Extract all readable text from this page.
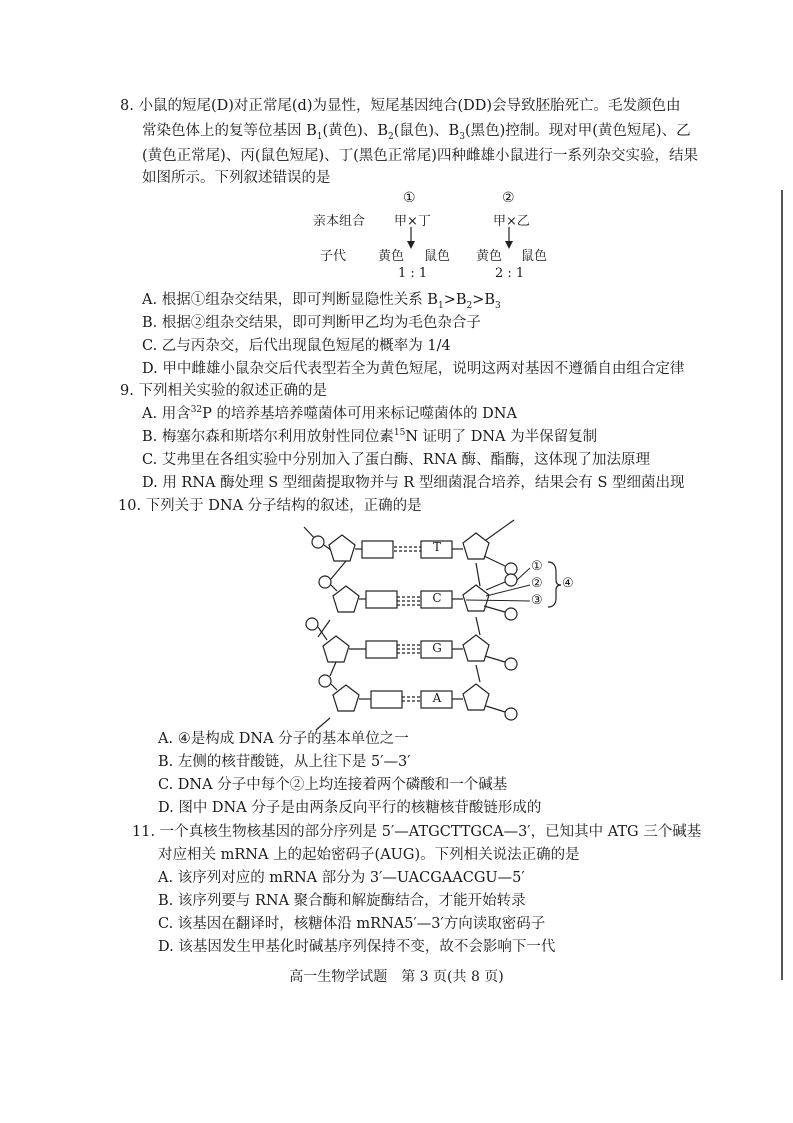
8. 小鼠的短尾(D)对正常尾(d)为显性，短尾基因纯合(DD)会导致胚胎死亡。毛发颜色由
常染色体上的复等位基因 $B_1$(黄色)、$B_2$(鼠色)、$B_3$(黑色)控制。现对甲(黄色短尾)、乙
(黄色正常尾)、丙(鼠色短尾)、丁(黑色正常尾)四种雌雄小鼠进行一系列杂交实验，结果
如图所示。下列叙述错误的是
①	②
亲本组合 甲×丁	甲×乙
子代 黄色 鼠色 黄色 鼠色
1 : 1	2 : 1
A. 根据①组杂交结果，即可判断显隐性关系 $B_1>B_2>B_3$
B. 根据②组杂交结果，即可判断甲乙均为毛色杂合子
C. 乙与丙杂交，后代出现鼠色短尾的概率为 1/4
D. 甲中雌雄小鼠杂交后代表型若全为黄色短尾，说明这两对基因不遵循自由组合定律
9. 下列相关实验的叙述正确的是
A. 用含$^{32}$P 的培养基培养噬菌体可用来标记噬菌体的 DNA
B. 梅塞尔森和斯塔尔利用放射性同位素$^{15}$N 证明了 DNA 为半保留复制
C. 艾弗里在各组实验中分别加入了蛋白酶、RNA 酶、酯酶，这体现了加法原理
D. 用 RNA 酶处理 S 型细菌提取物并与 R 型细菌混合培养，结果会有 S 型细菌出现
10. 下列关于 DNA 分子结构的叙述，正确的是
T
C
G
A
①
②
③
④
A. ④是构成 DNA 分子的基本单位之一
B. 左侧的核苷酸链，从上往下是 5′—3′
C. DNA 分子中每个②上均连接着两个磷酸和一个碱基
D. 图中 DNA 分子是由两条反向平行的核糖核苷酸链形成的
11. 一个真核生物核基因的部分序列是 5′—ATGCTTGCA—3′，已知其中 ATG 三个碱基
对应相关 mRNA 上的起始密码子(AUG)。下列相关说法正确的是
A. 该序列对应的 mRNA 部分为 3′—UACGAACGU—5′
B. 该序列要与 RNA 聚合酶和解旋酶结合，才能开始转录
C. 该基因在翻译时，核糖体沿 mRNA5′—3′方向读取密码子
D. 该基因发生甲基化时碱基序列保持不变，故不会影响下一代
高一生物学试题　第 3 页(共 8 页)
